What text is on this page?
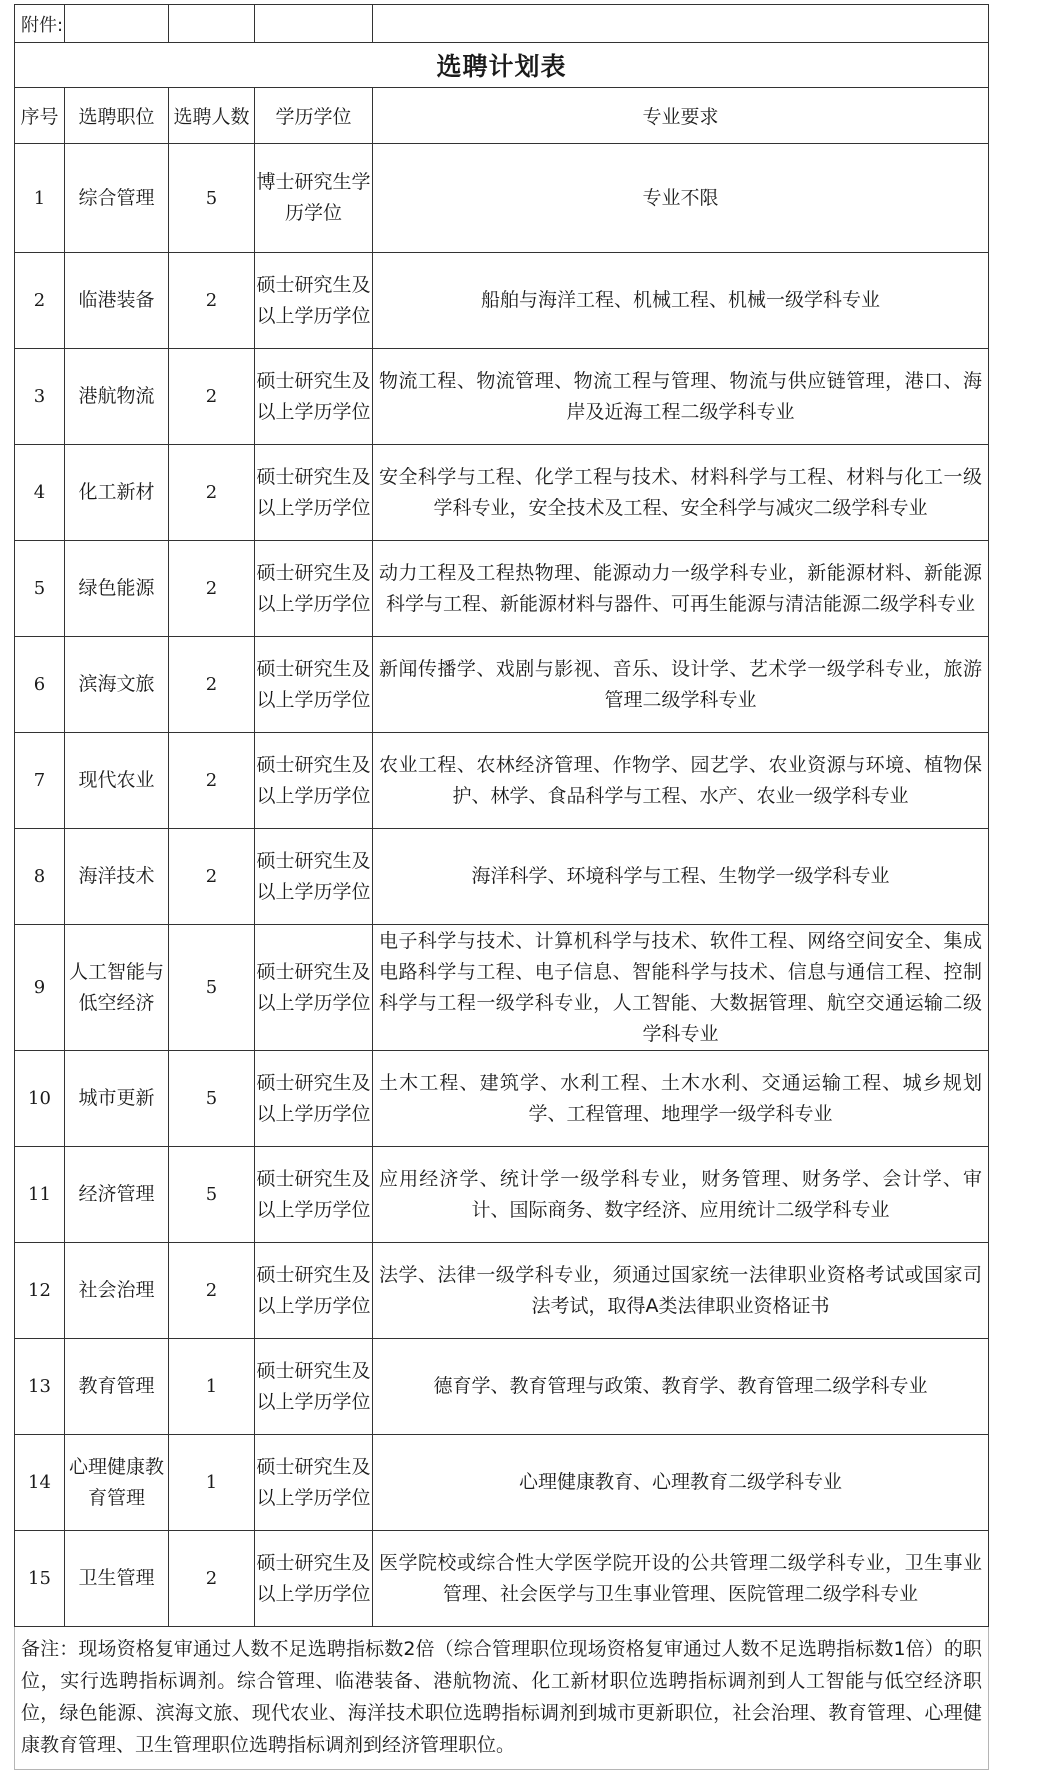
附件:				
选聘计划表				
序号	选聘职位	选聘人数	学历学位	专业要求
1	综合管理	5	博士研究生学历学位	专业不限
2	临港装备	2	硕士研究生及以上学历学位	船舶与海洋工程、机械工程、机械一级学科专业
3	港航物流	2	硕士研究生及以上学历学位	物流工程、物流管理、物流工程与管理、物流与供应链管理，港口、海岸及近海工程二级学科专业
4	化工新材	2	硕士研究生及以上学历学位	安全科学与工程、化学工程与技术、材料科学与工程、材料与化工一级学科专业，安全技术及工程、安全科学与减灾二级学科专业
5	绿色能源	2	硕士研究生及以上学历学位	动力工程及工程热物理、能源动力一级学科专业，新能源材料、新能源科学与工程、新能源材料与器件、可再生能源与清洁能源二级学科专业
6	滨海文旅	2	硕士研究生及以上学历学位	新闻传播学、戏剧与影视、音乐、设计学、艺术学一级学科专业，旅游管理二级学科专业
7	现代农业	2	硕士研究生及以上学历学位	农业工程、农林经济管理、作物学、园艺学、农业资源与环境、植物保护、林学、食品科学与工程、水产、农业一级学科专业
8	海洋技术	2	硕士研究生及以上学历学位	海洋科学、环境科学与工程、生物学一级学科专业
9	人工智能与低空经济	5	硕士研究生及以上学历学位	电子科学与技术、计算机科学与技术、软件工程、网络空间安全、集成电路科学与工程、电子信息、智能科学与技术、信息与通信工程、控制科学与工程一级学科专业，人工智能、大数据管理、航空交通运输二级学科专业
10	城市更新	5	硕士研究生及以上学历学位	土木工程、建筑学、水利工程、土木水利、交通运输工程、城乡规划学、工程管理、地理学一级学科专业
11	经济管理	5	硕士研究生及以上学历学位	应用经济学、统计学一级学科专业，财务管理、财务学、会计学、审计、国际商务、数字经济、应用统计二级学科专业
12	社会治理	2	硕士研究生及以上学历学位	法学、法律一级学科专业，须通过国家统一法律职业资格考试或国家司法考试，取得A类法律职业资格证书
13	教育管理	1	硕士研究生及以上学历学位	德育学、教育管理与政策、教育学、教育管理二级学科专业
14	心理健康教育管理	1	硕士研究生及以上学历学位	心理健康教育、心理教育二级学科专业
15	卫生管理	2	硕士研究生及以上学历学位	医学院校或综合性大学医学院开设的公共管理二级学科专业，卫生事业管理、社会医学与卫生事业管理、医院管理二级学科专业
备注：现场资格复审通过人数不足选聘指标数2倍（综合管理职位现场资格复审通过人数不足选聘指标数1倍）的职位，实行选聘指标调剂。综合管理、临港装备、港航物流、化工新材职位选聘指标调剂到人工智能与低空经济职位，绿色能源、滨海文旅、现代农业、海洋技术职位选聘指标调剂到城市更新职位，社会治理、教育管理、心理健康教育管理、卫生管理职位选聘指标调剂到经济管理职位。				
